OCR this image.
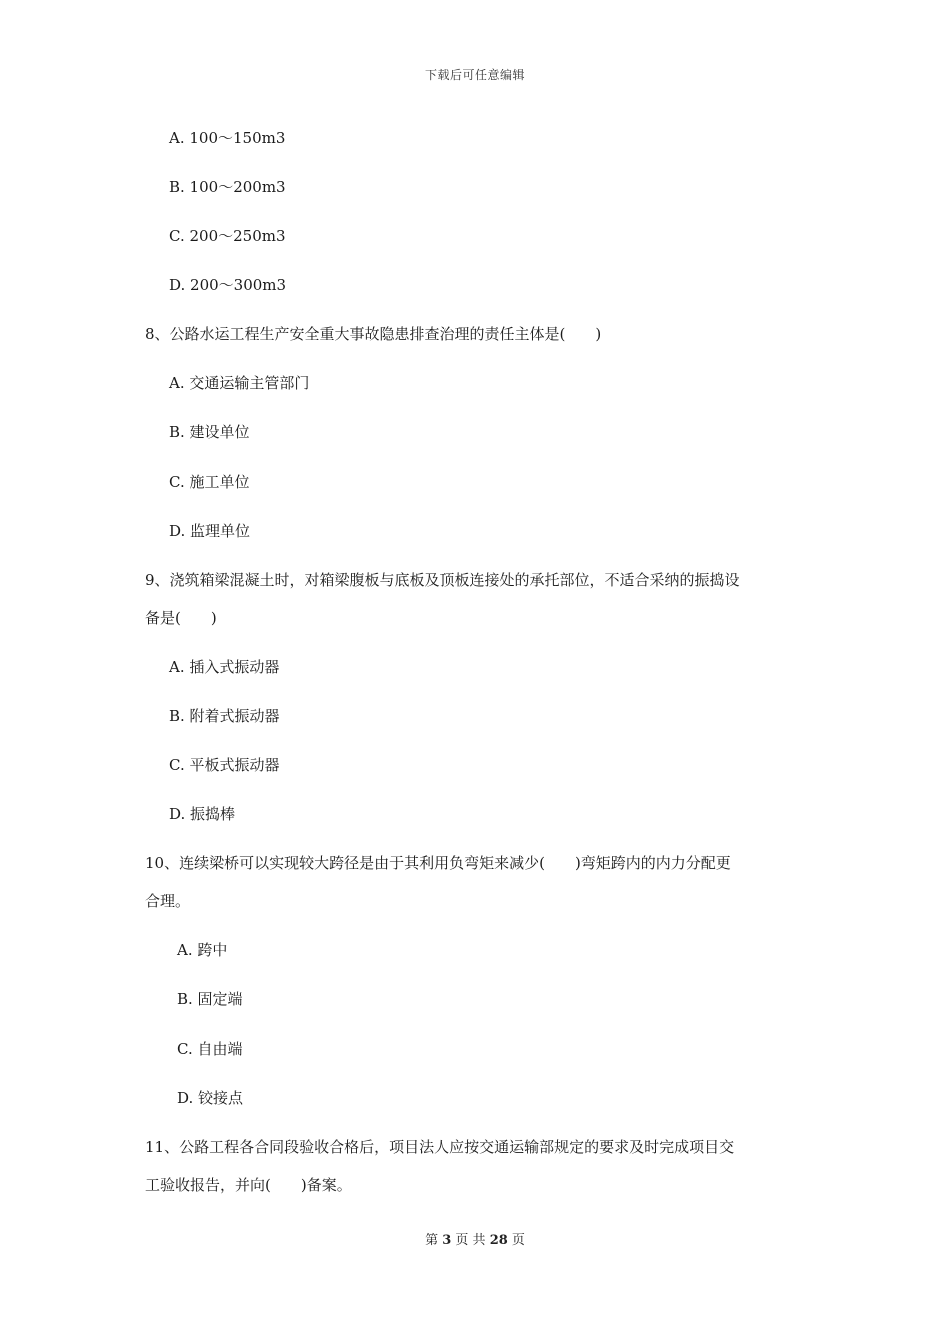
下载后可任意编辑
A. 100～150m3
B. 100～200m3
C. 200～250m3
D. 200～300m3
8、公路水运工程生产安全重大事故隐患排查治理的责任主体是(　　)
A. 交通运输主管部门
B. 建设单位
C. 施工单位
D. 监理单位
9、浇筑箱梁混凝土时，对箱梁腹板与底板及顶板连接处的承托部位，不适合采纳的振捣设
备是(　　)
A. 插入式振动器
B. 附着式振动器
C. 平板式振动器
D. 振捣棒
10、连续梁桥可以实现较大跨径是由于其利用负弯矩来减少(　　)弯矩跨内的内力分配更
合理。
A. 跨中
B. 固定端
C. 自由端
D. 铰接点
11、公路工程各合同段验收合格后，项目法人应按交通运输部规定的要求及时完成项目交
工验收报告，并向(　　)备案。
第 3 页 共 28 页
